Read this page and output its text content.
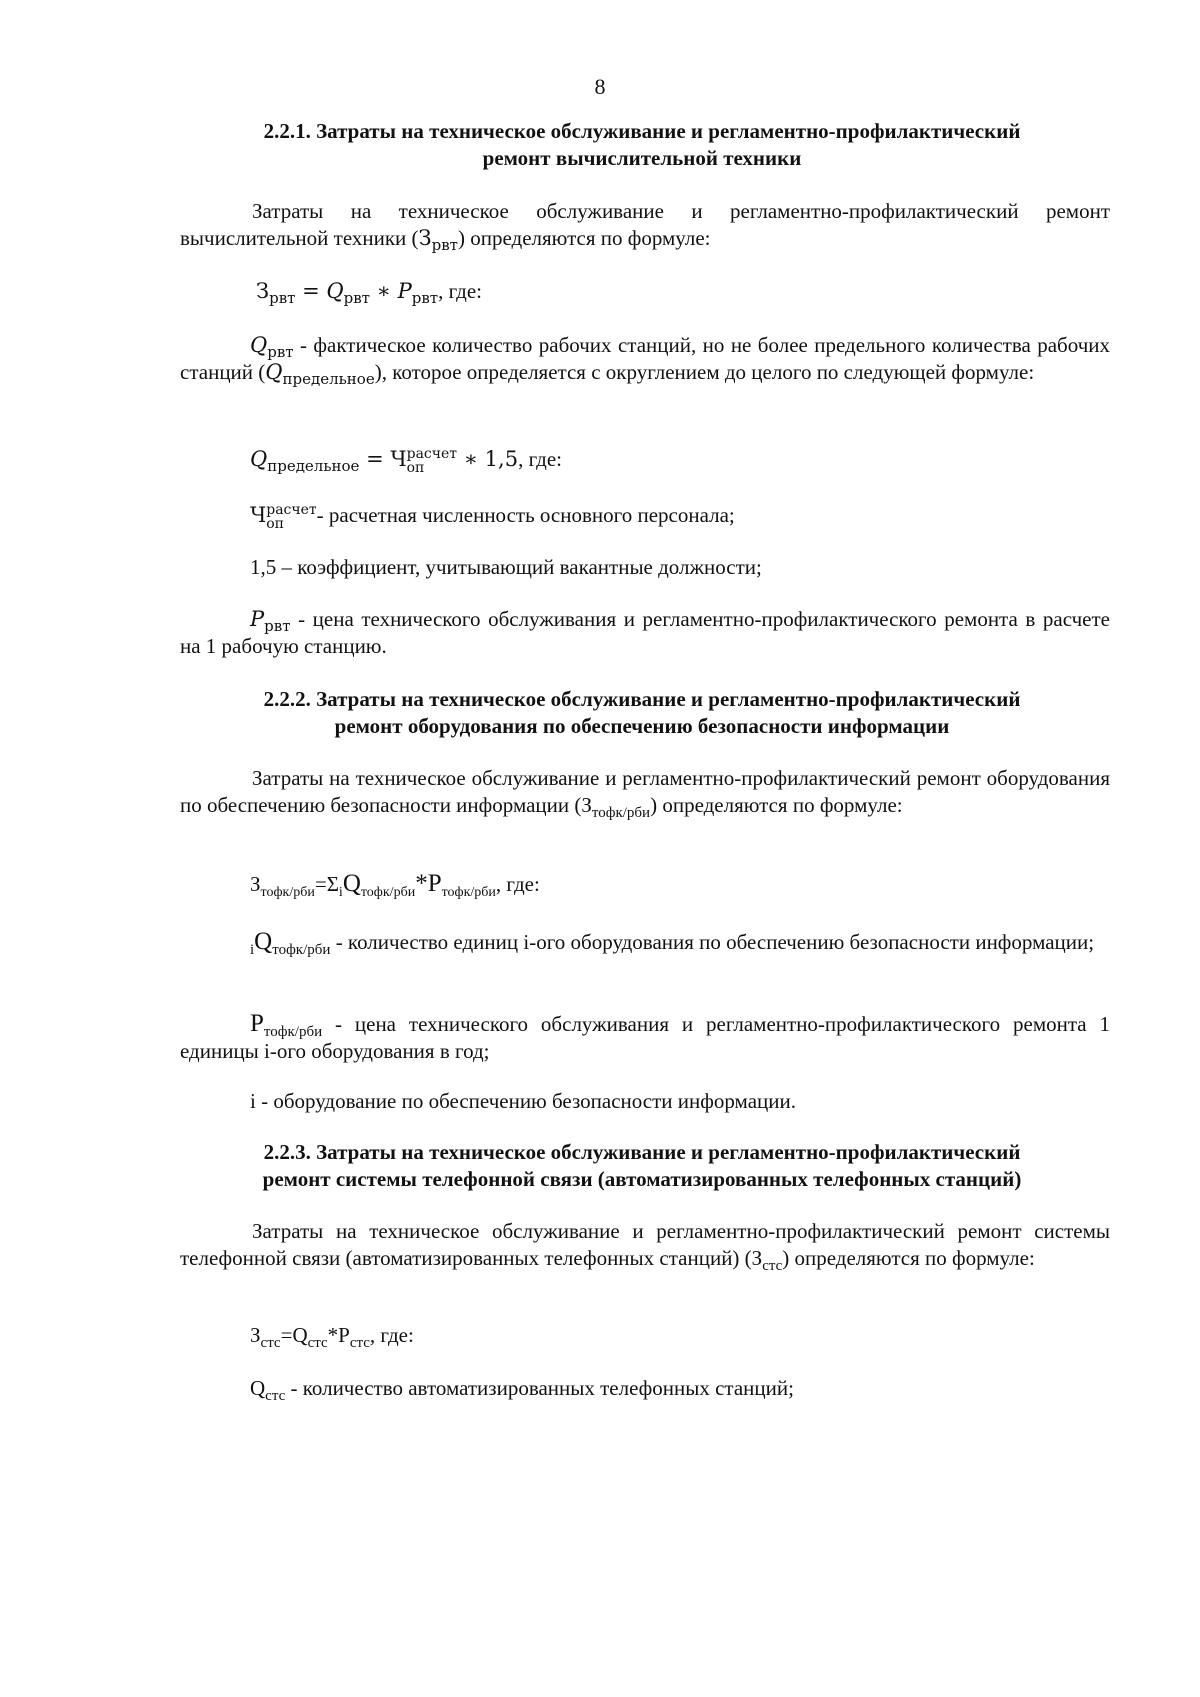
8
2.2.1. Затраты на техническое обслуживание и регламентно-профилактический
ремонт вычислительной техники
Затраты на техническое обслуживание и регламентно-профилактический ремонт вычислительной техники $(З_{рвт})$ определяются по формуле:
$З_{рвт} = Q_{рвт}$ ∗ $P_{рвт}$, где:
$Q_{рвт}$ - фактическое количество рабочих станций, но не более предельного количества рабочих станций $(Q_{предельное})$, которое определяется с округлением до целого по следующей формуле:
$Q_{предельное} = Ч$ расчет
оп	∗ 1,5, где:
Ч расчет
оп	- расчетная численность основного персонала;
1,5 – коэффициент, учитывающий вакантные должности;
$P_{рвт}$ - цена технического обслуживания и регламентно-профилактического ремонта в расчете на 1 рабочую станцию.
2.2.2. Затраты на техническое обслуживание и регламентно-профилактический
ремонт оборудования по обеспечению безопасности информации
Затраты на техническое обслуживание и регламентно-профилактический ремонт оборудования по обеспечению безопасности информации $(З_{тофк/рби})$ определяются по формуле:
$З_{тофк/рби}=\Sigma_iQ_{тофк/рби}*P_{тофк/рби}$, где:
$_iQ_{тофк/рби}$ - количество единиц i-ого оборудования по обеспечению безопасности информации;
$P_{тофк/рби}$ - цена технического обслуживания и регламентно-профилактического ремонта 1 единицы i-ого оборудования в год;
i - оборудование по обеспечению безопасности информации.
2.2.3. Затраты на техническое обслуживание и регламентно-профилактический
ремонт системы телефонной связи (автоматизированных телефонных станций)
Затраты на техническое обслуживание и регламентно-профилактический ремонт системы телефонной связи (автоматизированных телефонных станций) $(З_{стс})$ определяются по формуле:
$З_{стс}=Q_{стс}*P_{стс}$, где:
$Q_{стс}$ - количество автоматизированных телефонных станций;
